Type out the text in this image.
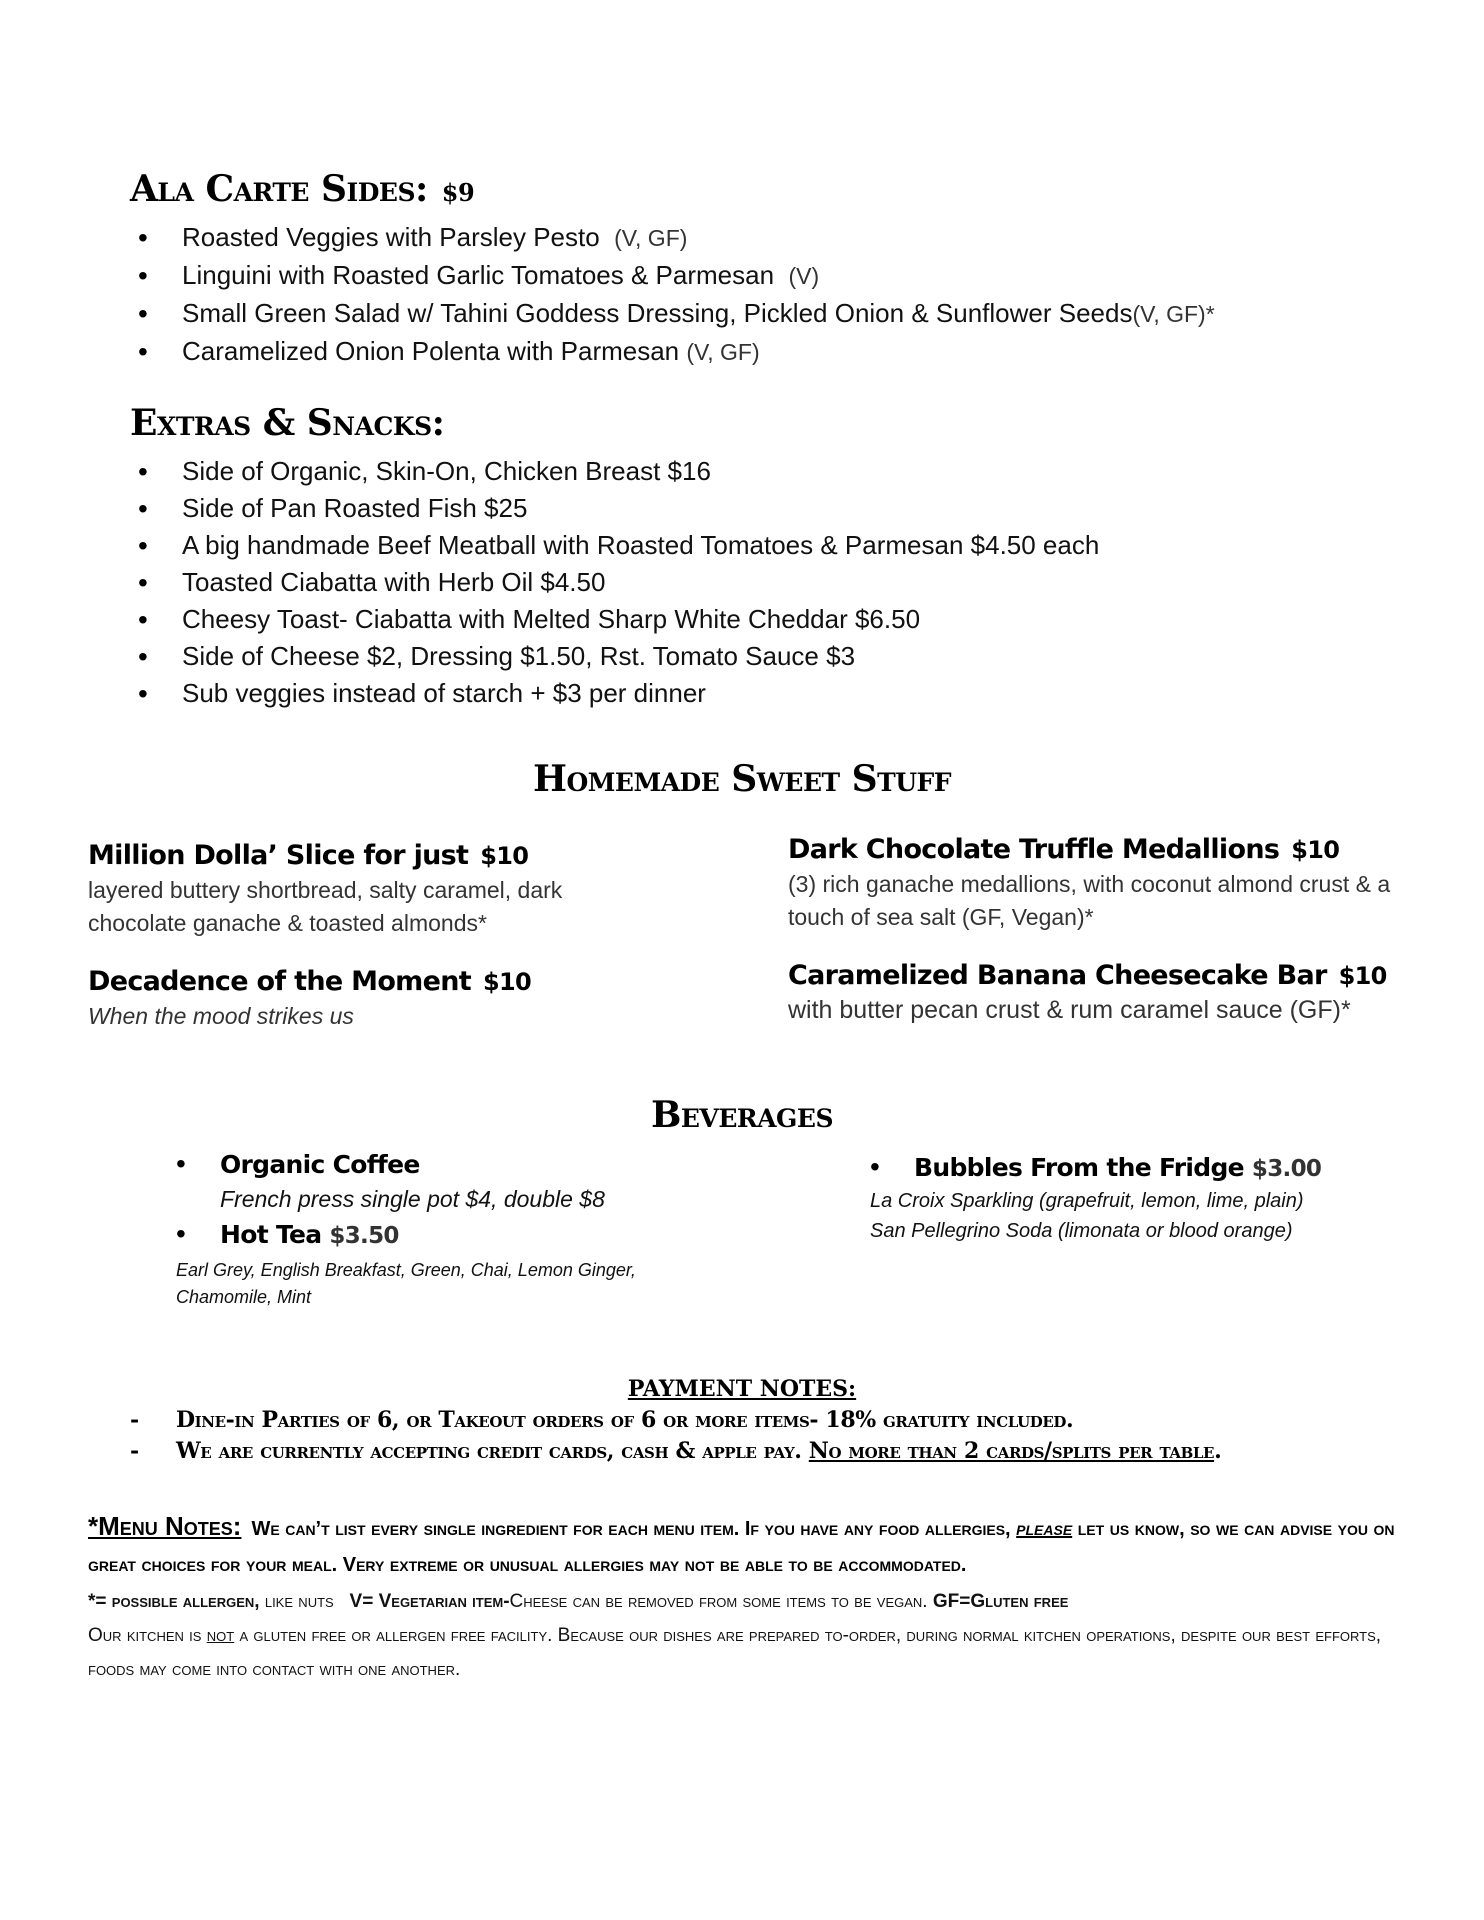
Ala Carte Sides: $9
• Roasted Veggies with Parsley Pesto (V, GF)
• Linguini with Roasted Garlic Tomatoes & Parmesan (V)
• Small Green Salad w/ Tahini Goddess Dressing, Pickled Onion & Sunflower Seeds(V, GF)*
• Caramelized Onion Polenta with Parmesan (V, GF)
Extras & Snacks:
• Side of Organic, Skin-On, Chicken Breast $16
• Side of Pan Roasted Fish $25
• A big handmade Beef Meatball with Roasted Tomatoes & Parmesan $4.50 each
• Toasted Ciabatta with Herb Oil $4.50
• Cheesy Toast- Ciabatta with Melted Sharp White Cheddar $6.50
• Side of Cheese $2, Dressing $1.50, Rst. Tomato Sauce $3
• Sub veggies instead of starch + $3 per dinner
Homemade Sweet Stuff
Million Dolla’ Slice for just $10
layered buttery shortbread, salty caramel, dark chocolate ganache & toasted almonds*
Decadence of the Moment $10
When the mood strikes us
Dark Chocolate Truffle Medallions $10
(3) rich ganache medallions, with coconut almond crust & a touch of sea salt (GF, Vegan)*
Caramelized Banana Cheesecake Bar $10
with butter pecan crust & rum caramel sauce (GF)*
Beverages
• Organic Coffee
French press single pot $4, double $8
• Hot Tea $3.50
Earl Grey, English Breakfast, Green, Chai, Lemon Ginger, Chamomile, Mint
• Bubbles From the Fridge $3.00
La Croix Sparkling (grapefruit, lemon, lime, plain)
San Pellegrino Soda (limonata or blood orange)
PAYMENT NOTES:
- Dine-in Parties of 6, or Takeout orders of 6 or more items- 18% gratuity included.
- We are currently accepting credit cards, cash & apple pay. No more than 2 cards/splits per table.

*Menu Notes: We can’t list every single ingredient for each menu item. If you have any food allergies, please let us know, so we can advise you on great choices for your meal. Very extreme or unusual allergies may not be able to be accommodated.

*= possible allergen, like nuts V= Vegetarian item-Cheese can be removed from some items to be vegan. GF=Gluten free

Our kitchen is not a gluten free or allergen free facility. Because our dishes are prepared to-order, during normal kitchen operations, despite our best efforts, foods may come into contact with one another.
